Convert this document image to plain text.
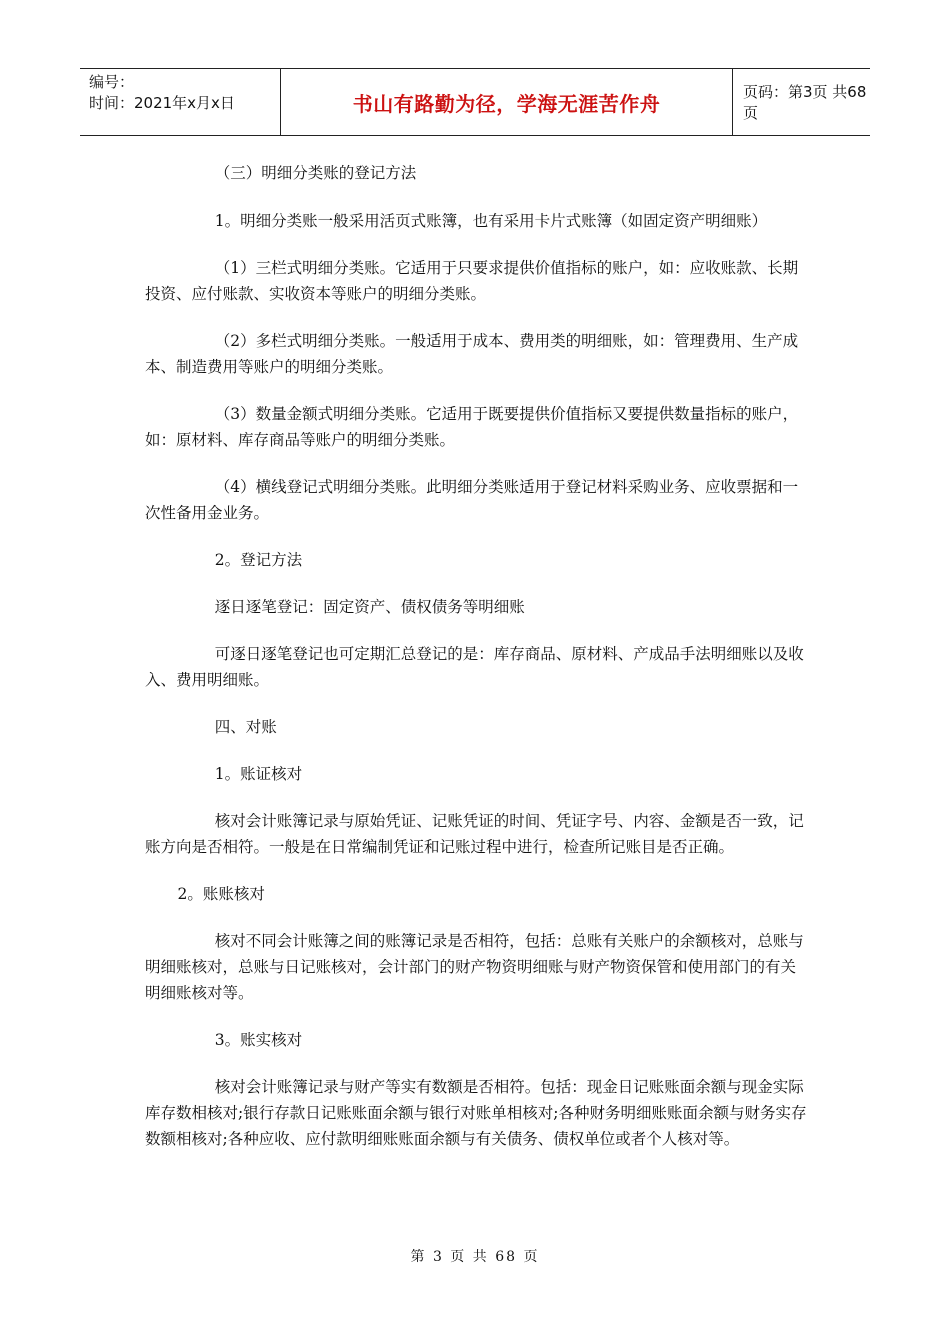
编号：
时间：2021年x月x日	书山有路勤为径，学海无涯苦作舟	页码：第3页 共68页

（三）明细分类账的登记方法

1。明细分类账一般采用活页式账簿，也有采用卡片式账簿（如固定资产明细账）

（1）三栏式明细分类账。它适用于只要求提供价值指标的账户，如：应收账款、长期投资、应付账款、实收资本等账户的明细分类账。

（2）多栏式明细分类账。一般适用于成本、费用类的明细账，如：管理费用、生产成本、制造费用等账户的明细分类账。

（3）数量金额式明细分类账。它适用于既要提供价值指标又要提供数量指标的账户，如：原材料、库存商品等账户的明细分类账。

（4）横线登记式明细分类账。此明细分类账适用于登记材料采购业务、应收票据和一次性备用金业务。

2。登记方法

逐日逐笔登记：固定资产、债权债务等明细账

可逐日逐笔登记也可定期汇总登记的是：库存商品、原材料、产成品手法明细账以及收入、费用明细账。

四、对账

1。账证核对

核对会计账簿记录与原始凭证、记账凭证的时间、凭证字号、内容、金额是否一致，记账方向是否相符。一般是在日常编制凭证和记账过程中进行，检查所记账目是否正确。

2。账账核对

核对不同会计账簿之间的账簿记录是否相符，包括：总账有关账户的余额核对，总账与明细账核对，总账与日记账核对，会计部门的财产物资明细账与财产物资保管和使用部门的有关明细账核对等。

3。账实核对

核对会计账簿记录与财产等实有数额是否相符。包括：现金日记账账面余额与现金实际库存数相核对;银行存款日记账账面余额与银行对账单相核对;各种财务明细账账面余额与财务实存数额相核对;各种应收、应付款明细账账面余额与有关债务、债权单位或者个人核对等。

第 3 页 共 68 页
